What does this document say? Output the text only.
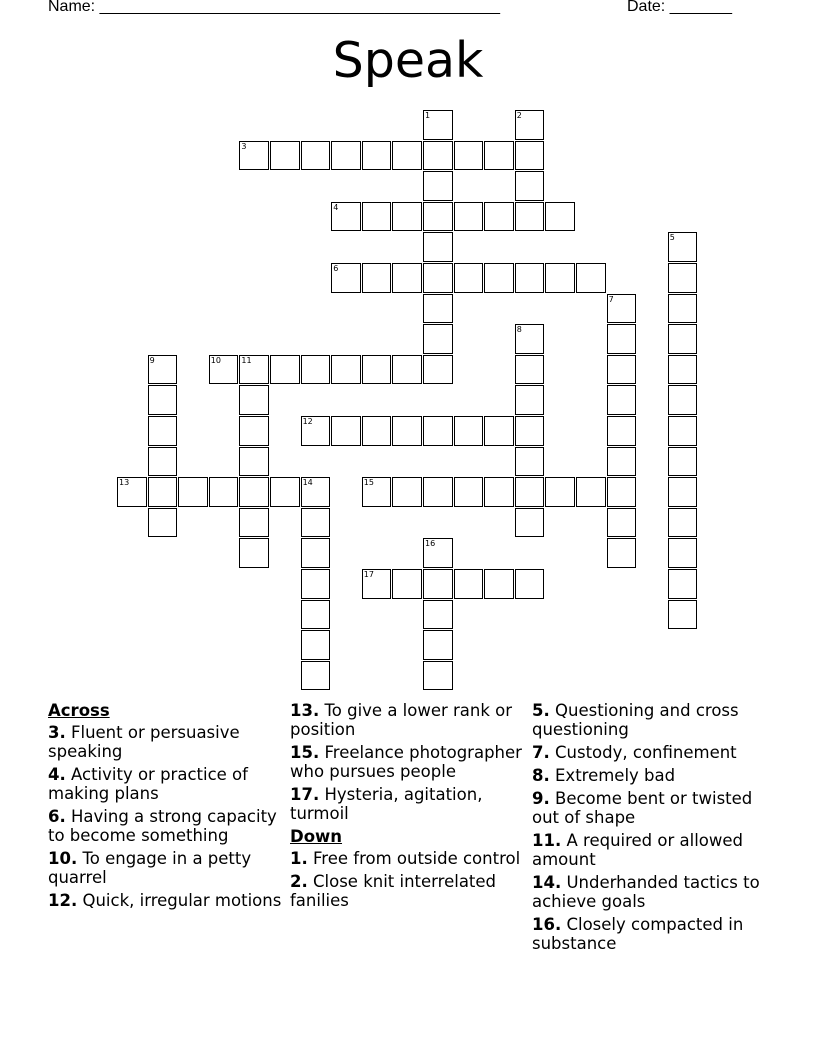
Name: _____________________________________________	Date: _______
Speak
1	2
3
4
5
6
7
8
9	10	11
12
13	14	15
16
17
Across
3. Fluent or persuasive speaking
4. Activity or practice of making plans
6. Having a strong capacity to become something
10. To engage in a petty quarrel
12. Quick, irregular motions
13. To give a lower rank or position
15. Freelance photographer who pursues people
17. Hysteria, agitation, turmoil
Down
1. Free from outside control
2. Close knit interrelated fanilies
5. Questioning and cross questioning
7. Custody, confinement
8. Extremely bad
9. Become bent or twisted out of shape
11. A required or allowed amount
14. Underhanded tactics to achieve goals
16. Closely compacted in substance
